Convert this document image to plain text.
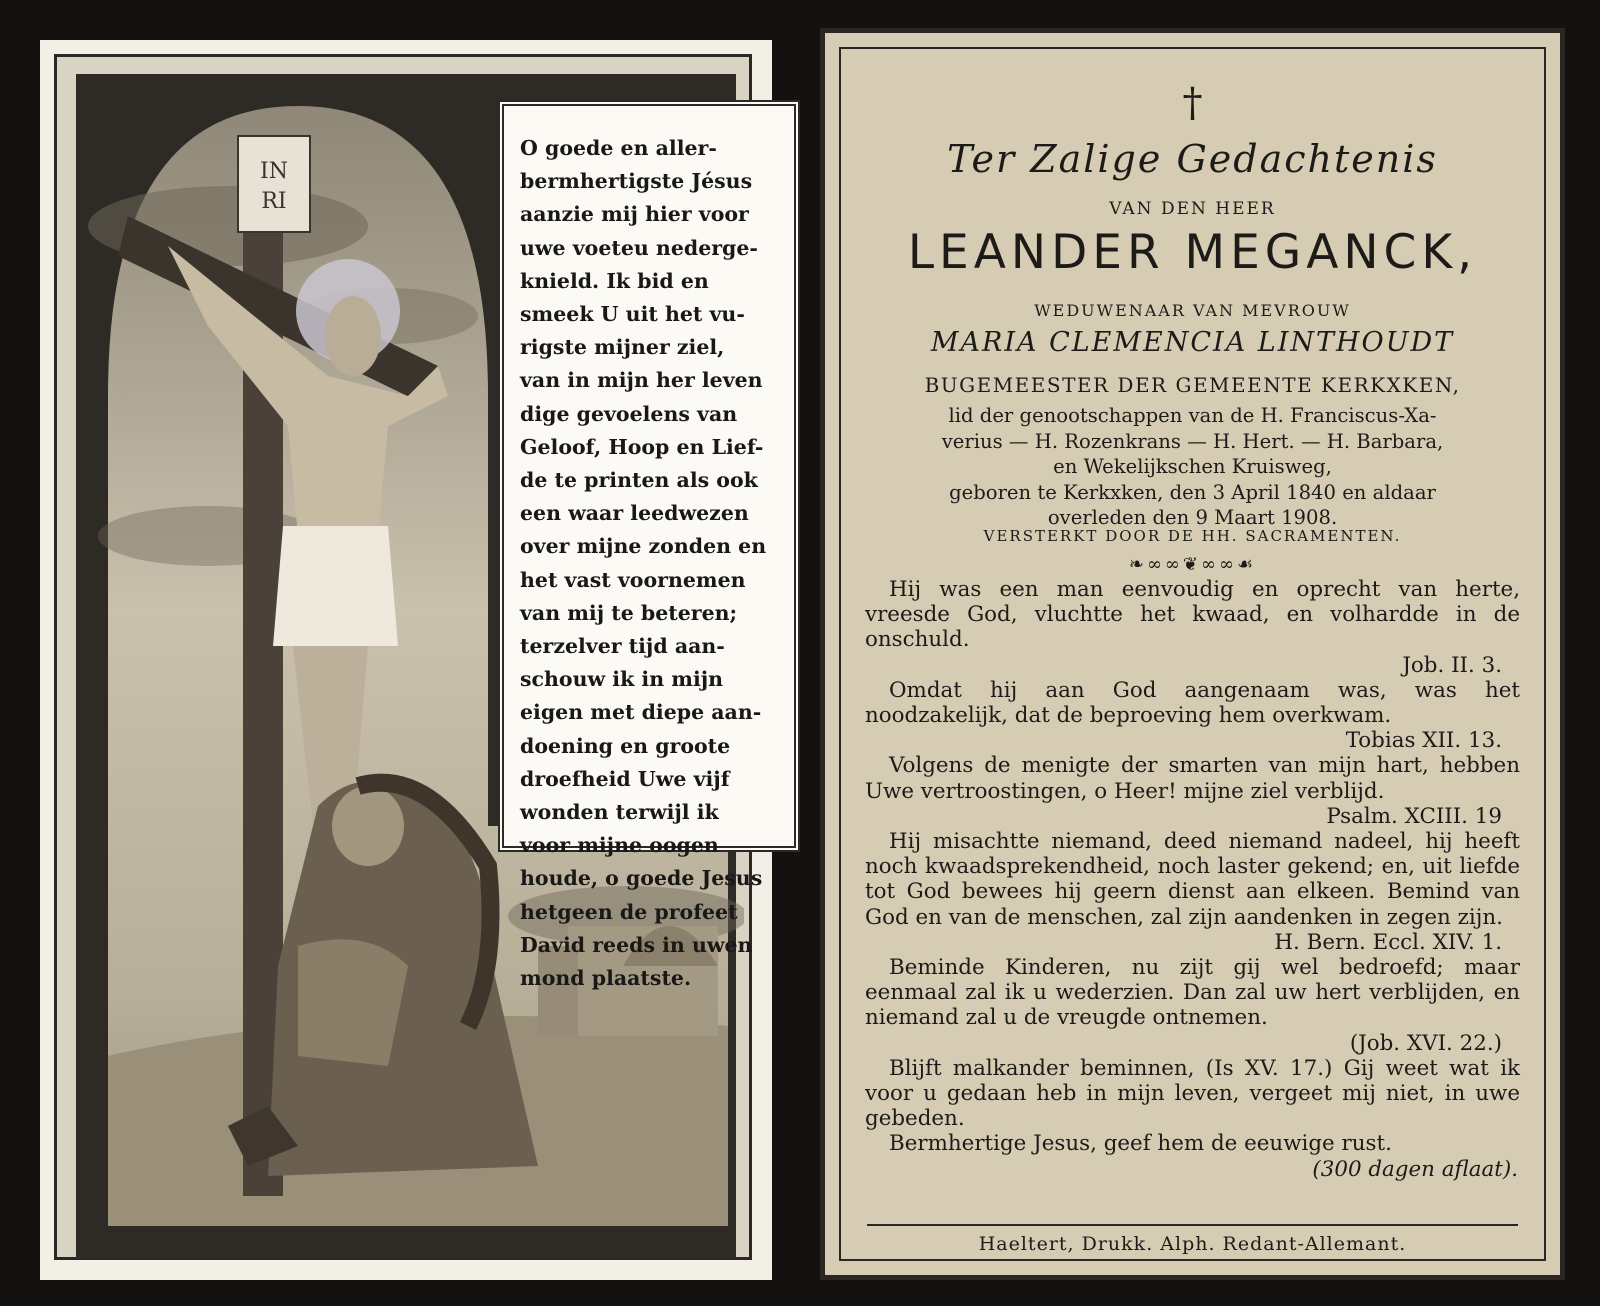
IN
RI
O goede en aller-
bermhertigste Jésus
aanzie mij hier voor
uwe voeteu nederge-
knield. Ik bid en
smeek U uit het vu-
rigste mijner ziel,
van in mijn her leven
dige gevoelens van
Geloof, Hoop en Lief-
de te printen als ook
een waar leedwezen
over mijne zonden en
het vast voornemen
van mij te beteren;
terzelver tijd aan-
schouw ik in mijn
eigen met diepe aan-
doening en groote
droefheid Uwe vijf
wonden terwijl ik
voor mijne oogen
houde, o goede Jesus
hetgeen de profeet
David reeds in uwen
mond plaatste.
†
Ter Zalige Gedachtenis
VAN DEN HEER
LEANDER MEGANCK,
WEDUWENAAR VAN MEVROUW
MARIA CLEMENCIA LINTHOUDT
BUGEMEESTER DER GEMEENTE KERKXKEN,
lid der genootschappen van de H. Franciscus-Xa-
verius — H. Rozenkrans — H. Hert. — H. Barbara,
en Wekelijkschen Kruisweg,
geboren te Kerkxken, den 3 April 1840 en aldaar
overleden den 9 Maart 1908.
VERSTERKT DOOR DE HH. SACRAMENTEN.
❧∞∞❦∞∞☙

Hij was een man eenvoudig en oprecht van herte, vreesde God, vluchtte het kwaad, en volhardde in de onschuld.

Job. II. 3.

Omdat hij aan God aangenaam was, was het noodzakelijk, dat de beproeving hem overkwam.

Tobias XII. 13.

Volgens de menigte der smarten van mijn hart, hebben Uwe vertroostingen, o Heer! mijne ziel verblijd.

Psalm. XCIII. 19

Hij misachtte niemand, deed niemand nadeel, hij heeft noch kwaadsprekendheid, noch laster gekend; en, uit liefde tot God bewees hij geern dienst aan elkeen. Bemind van God en van de menschen, zal zijn aandenken in zegen zijn.

H. Bern. Eccl. XIV. 1.

Beminde Kinderen, nu zijt gij wel bedroefd; maar eenmaal zal ik u wederzien. Dan zal uw hert verblijden, en niemand zal u de vreugde ontnemen.

(Job. XVI. 22.)

Blijft malkander beminnen, (Is XV. 17.) Gij weet wat ik voor u gedaan heb in mijn leven, vergeet mij niet, in uwe gebeden.

Bermhertige Jesus, geef hem de eeuwige rust.

(300 dagen aflaat).

Haeltert, Drukk. Alph. Redant-Allemant.
